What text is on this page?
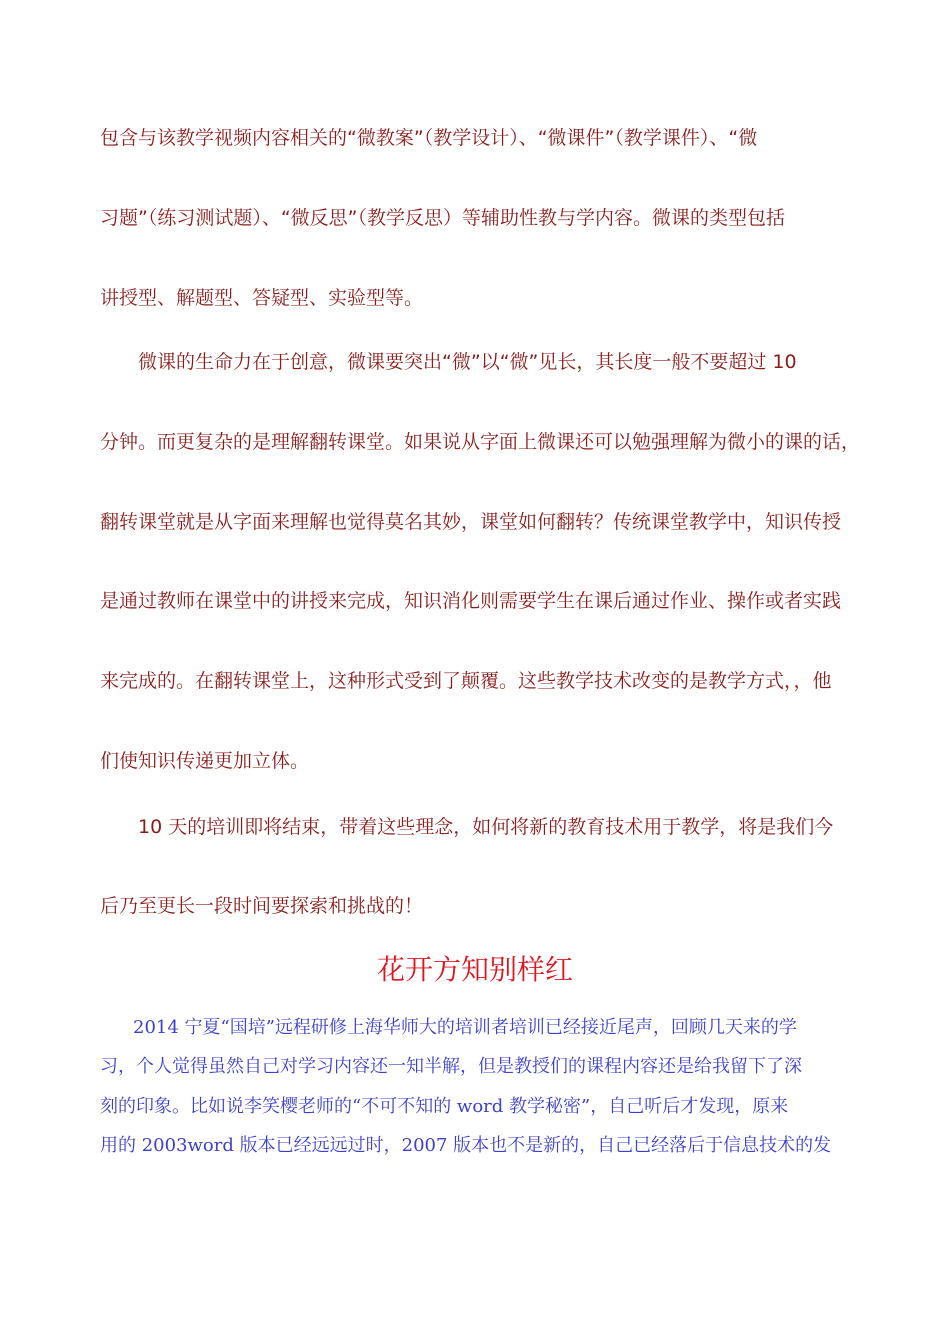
包含与该教学视频内容相关的“微教案”（教学设计）、“微课件”（教学课件）、“微
习题”（练习测试题）、“微反思”（教学反思）等辅助性教与学内容。微课的类型包括
讲授型、解题型、答疑型、实验型等。
微课的生命力在于创意，微课要突出“微”以“微”见长，其长度一般不要超过 10
分钟。而更复杂的是理解翻转课堂。如果说从字面上微课还可以勉强理解为微小的课的话，
翻转课堂就是从字面来理解也觉得莫名其妙，课堂如何翻转？传统课堂教学中，知识传授
是通过教师在课堂中的讲授来完成，知识消化则需要学生在课后通过作业、操作或者实践
来完成的。在翻转课堂上，这种形式受到了颠覆。这些教学技术改变的是教学方式，，他
们使知识传递更加立体。
10 天的培训即将结束，带着这些理念，如何将新的教育技术用于教学，将是我们今
后乃至更长一段时间要探索和挑战的！
花开方知别样红
2014 宁夏“国培”远程研修上海华师大的培训者培训已经接近尾声，回顾几天来的学
习，个人觉得虽然自己对学习内容还一知半解，但是教授们的课程内容还是给我留下了深
刻的印象。比如说李笑樱老师的“不可不知的 word 教学秘密”，自己听后才发现，原来
用的 2003word 版本已经远远过时，2007 版本也不是新的，自己已经落后于信息技术的发
